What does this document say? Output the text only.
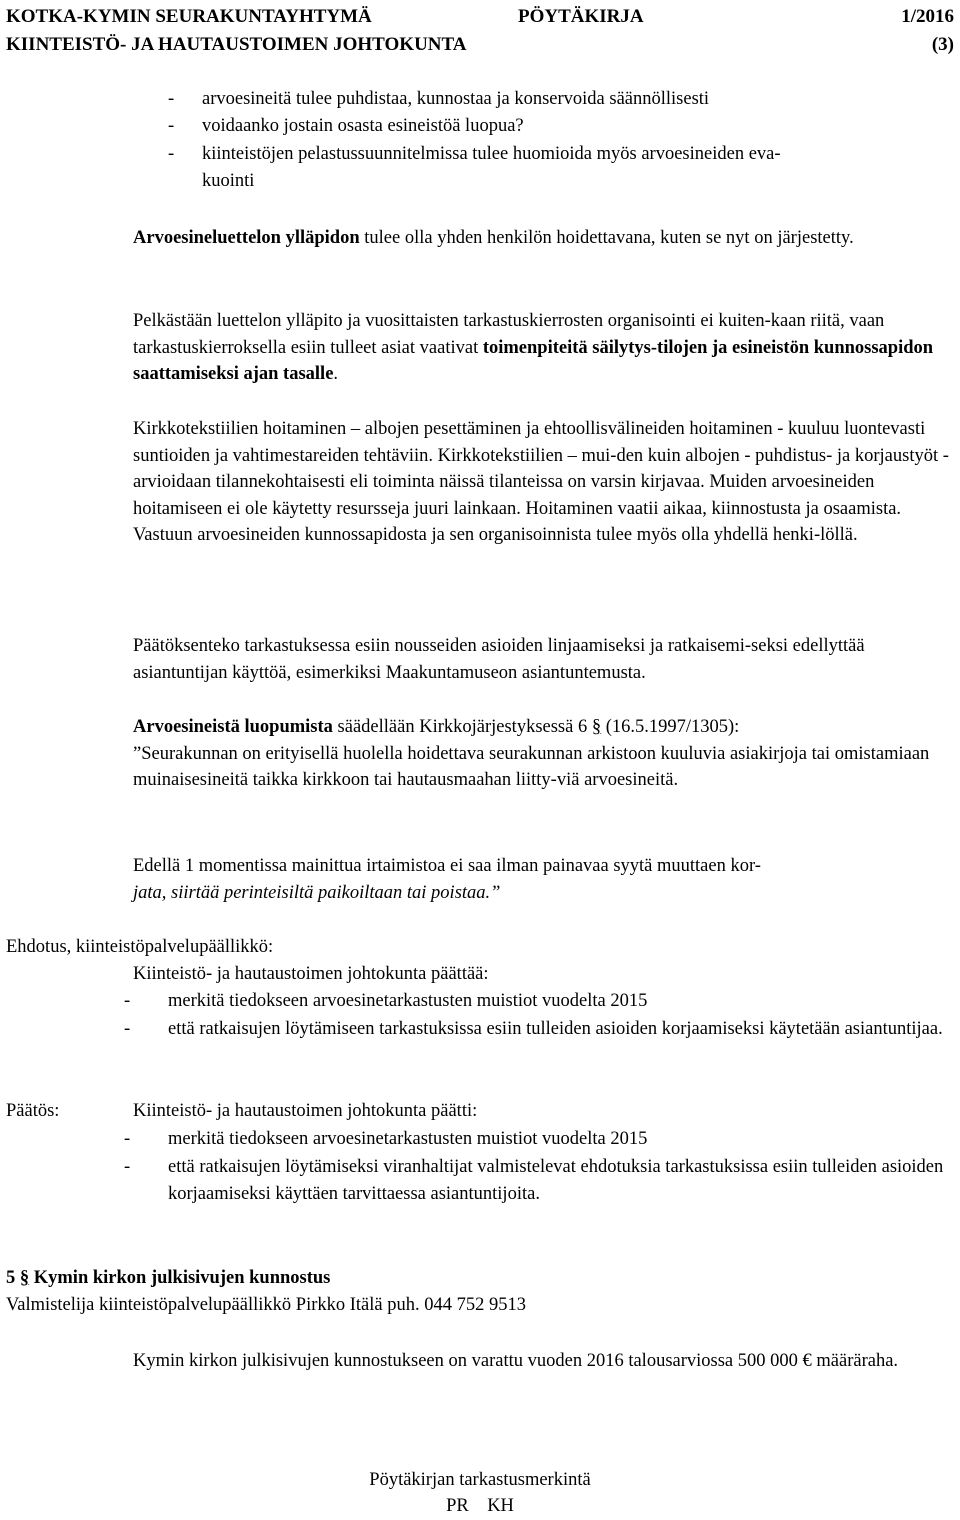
KOTKA-KYMIN SEURAKUNTAYHTYMÄ	PÖYTÄKIRJA	1/2016
KIINTEISTÖ- JA HAUTAUSTOIMEN JOHTOKUNTA	(3)
- arvoesineitä tulee puhdistaa, kunnostaa ja konservoida säännöllisesti
- voidaanko jostain osasta esineistöä luopua?
- kiinteistöjen pelastussuunnitelmissa tulee huomioida myös arvoesineiden eva-
kuointi
Arvoesineluettelon ylläpidon tulee olla yhden henkilön hoidettavana, kuten se nyt on järjestetty.
Pelkästään luettelon ylläpito ja vuosittaisten tarkastuskierrosten organisointi ei kuiten-kaan riitä, vaan tarkastuskierroksella esiin tulleet asiat vaativat toimenpiteitä säilytys-tilojen ja esineistön kunnossapidon saattamiseksi ajan tasalle.
Kirkkotekstiilien hoitaminen – albojen pesettäminen ja ehtoollisvälineiden hoitaminen - kuuluu luontevasti suntioiden ja vahtimestareiden tehtäviin. Kirkkotekstiilien – mui-den kuin albojen - puhdistus- ja korjaustyöt - arvioidaan tilannekohtaisesti eli toiminta näissä tilanteissa on varsin kirjavaa. Muiden arvoesineiden hoitamiseen ei ole käytetty resursseja juuri lainkaan. Hoitaminen vaatii aikaa, kiinnostusta ja osaamista. Vastuun arvoesineiden kunnossapidosta ja sen organisoinnista tulee myös olla yhdellä henki-löllä.
Päätöksenteko tarkastuksessa esiin nousseiden asioiden linjaamiseksi ja ratkaisemi-seksi edellyttää asiantuntijan käyttöä, esimerkiksi Maakuntamuseon asiantuntemusta.
Arvoesineistä luopumista säädellään Kirkkojärjestyksessä 6 § (16.5.1997/1305):
”Seurakunnan on erityisellä huolella hoidettava seurakunnan arkistoon kuuluvia asiakirjoja tai omistamiaan muinaisesineitä taikka kirkkoon tai hautausmaahan liitty-viä arvoesineitä.
Edellä 1 momentissa mainittua irtaimistoa ei saa ilman painavaa syytä muuttaen kor-
jata, siirtää perinteisiltä paikoiltaan tai poistaa.”
Ehdotus, kiinteistöpalvelupäällikkö:
Kiinteistö- ja hautaustoimen johtokunta päättää:
- merkitä tiedokseen arvoesinetarkastusten muistiot vuodelta 2015
- että ratkaisujen löytämiseen tarkastuksissa esiin tulleiden asioiden korjaamiseksi käytetään asiantuntijaa.
Päätös:	Kiinteistö- ja hautaustoimen johtokunta päätti:
- merkitä tiedokseen arvoesinetarkastusten muistiot vuodelta 2015
- että ratkaisujen löytämiseksi viranhaltijat valmistelevat ehdotuksia tarkastuksissa esiin tulleiden asioiden korjaamiseksi käyttäen tarvittaessa asiantuntijoita.
5 § Kymin kirkon julkisivujen kunnostus
Valmistelija kiinteistöpalvelupäällikkö Pirkko Itälä puh. 044 752 9513
Kymin kirkon julkisivujen kunnostukseen on varattu vuoden 2016 talousarviossa 500 000 € määräraha.
Pöytäkirjan tarkastusmerkintä
PR    KH
